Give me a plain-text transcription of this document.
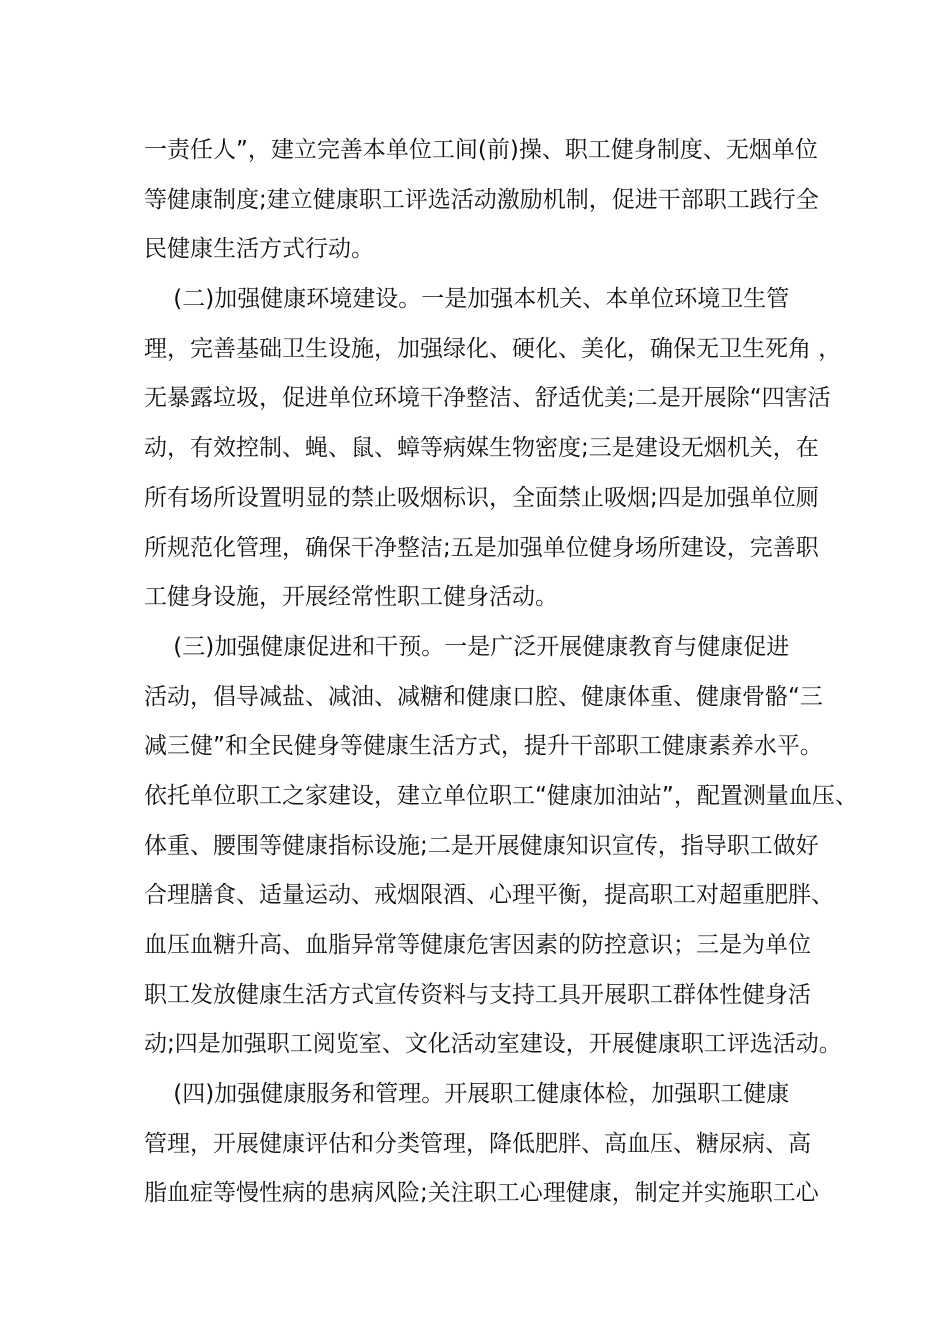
一责任人”，建立完善本单位工间(前)操、职工健身制度、无烟单位

等健康制度;建立健康职工评选活动激励机制，促进干部职工践行全

民健康生活方式行动。

(二)加强健康环境建设。一是加强本机关、本单位环境卫生管

理，完善基础卫生设施，加强绿化、硬化、美化，确保无卫生死角 ，

无暴露垃圾，促进单位环境干净整洁、舒适优美;二是开展除“四害活

动，有效控制、蝇、鼠、蟑等病媒生物密度;三是建设无烟机关，在

所有场所设置明显的禁止吸烟标识，全面禁止吸烟;四是加强单位厕

所规范化管理，确保干净整洁;五是加强单位健身场所建设，完善职

工健身设施，开展经常性职工健身活动。

(三)加强健康促进和干预。一是广泛开展健康教育与健康促进

活动，倡导减盐、减油、减糖和健康口腔、健康体重、健康骨骼“三

减三健”和全民健身等健康生活方式，提升干部职工健康素养水平。

依托单位职工之家建设，建立单位职工“健康加油站”，配置测量血压、

体重、腰围等健康指标设施;二是开展健康知识宣传，指导职工做好

合理膳食、适量运动、戒烟限酒、心理平衡，提高职工对超重肥胖、

血压血糖升高、血脂异常等健康危害因素的防控意识；三是为单位

职工发放健康生活方式宣传资料与支持工具开展职工群体性健身活

动;四是加强职工阅览室、文化活动室建设，开展健康职工评选活动。

(四)加强健康服务和管理。开展职工健康体检，加强职工健康

管理，开展健康评估和分类管理，降低肥胖、高血压、糖尿病、高

脂血症等慢性病的患病风险;关注职工心理健康，制定并实施职工心
